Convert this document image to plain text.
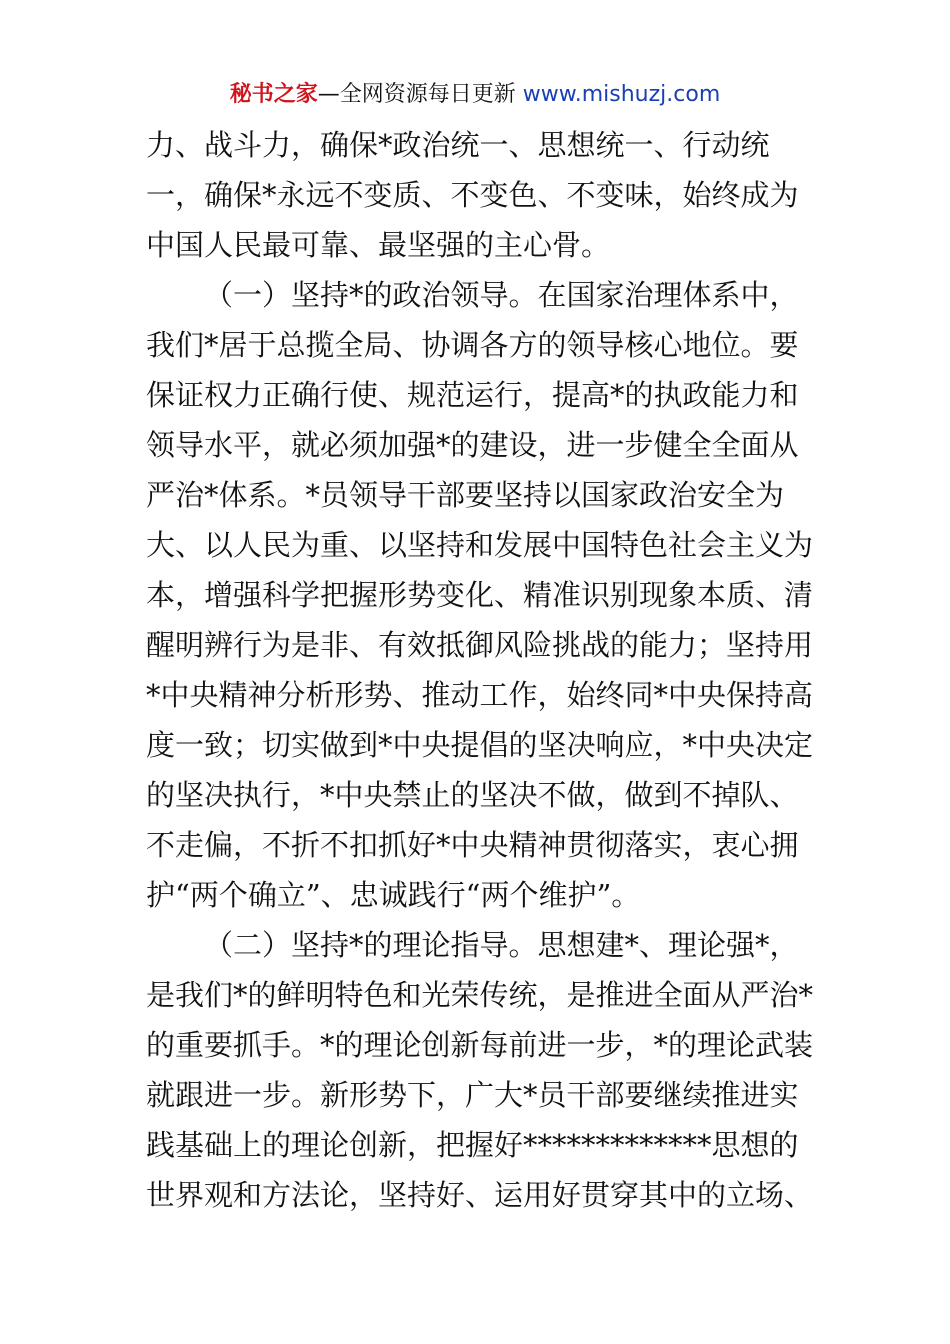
秘书之家—全网资源每日更新 www.mishuzj.com
力、战斗力，确保*政治统一、思想统一、行动统
一，确保*永远不变质、不变色、不变味，始终成为
中国人民最可靠、最坚强的主心骨。
（一）坚持*的政治领导。在国家治理体系中，
我们*居于总揽全局、协调各方的领导核心地位。要
保证权力正确行使、规范运行，提高*的执政能力和
领导水平，就必须加强*的建设，进一步健全全面从
严治*体系。*员领导干部要坚持以国家政治安全为
大、以人民为重、以坚持和发展中国特色社会主义为
本，增强科学把握形势变化、精准识别现象本质、清
醒明辨行为是非、有效抵御风险挑战的能力；坚持用
*中央精神分析形势、推动工作，始终同*中央保持高
度一致；切实做到*中央提倡的坚决响应，*中央决定
的坚决执行，*中央禁止的坚决不做，做到不掉队、
不走偏，不折不扣抓好*中央精神贯彻落实，衷心拥
护“两个确立”、忠诚践行“两个维护”。
（二）坚持*的理论指导。思想建*、理论强*，
是我们*的鲜明特色和光荣传统，是推进全面从严治*
的重要抓手。*的理论创新每前进一步，*的理论武装
就跟进一步。新形势下，广大*员干部要继续推进实
践基础上的理论创新，把握好*************思想的
世界观和方法论，坚持好、运用好贯穿其中的立场、
